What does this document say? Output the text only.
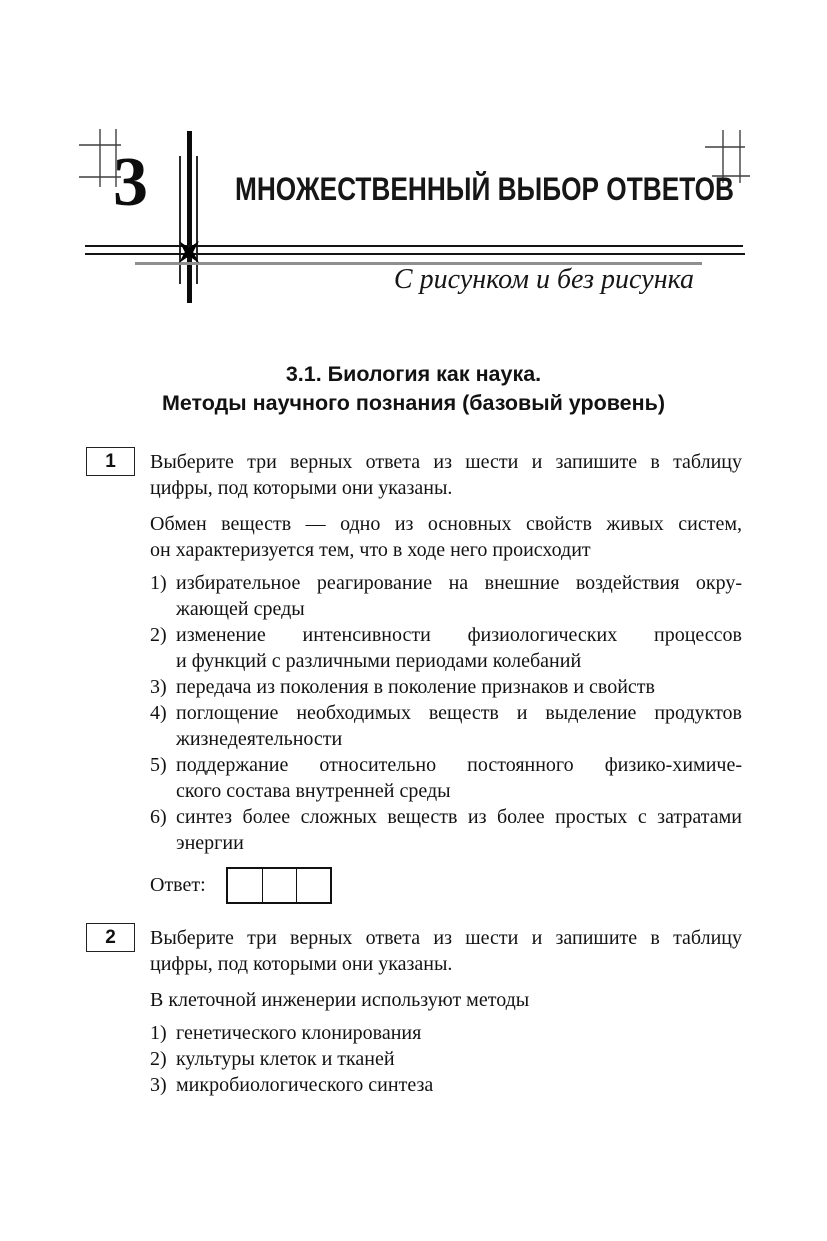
3	МНОЖЕСТВЕННЫЙ ВЫБОР ОТВЕТОВ
С рисунком и без рисунка
3.1. Биология как наука.
Методы научного познания (базовый уровень)
1	Выберите три верных ответа из шести и запишите в таблицу
цифры, под которыми они указаны.
Обмен веществ — одно из основных свойств живых систем,
он характеризуется тем, что в ходе него происходит
1) избирательное реагирование на внешние воздействия окру-
жающей среды
2) изменение интенсивности физиологических процессов
и функций с различными периодами колебаний
3) передача из поколения в поколение признаков и свойств
4) поглощение необходимых веществ и выделение продуктов
жизнедеятельности
5) поддержание относительно постоянного физико-химиче-
ского состава внутренней среды
6) синтез более сложных веществ из более простых с затратами
энергии
Ответ:
2	Выберите три верных ответа из шести и запишите в таблицу
цифры, под которыми они указаны.
В клеточной инженерии используют методы
1) генетического клонирования
2) культуры клеток и тканей
3) микробиологического синтеза
